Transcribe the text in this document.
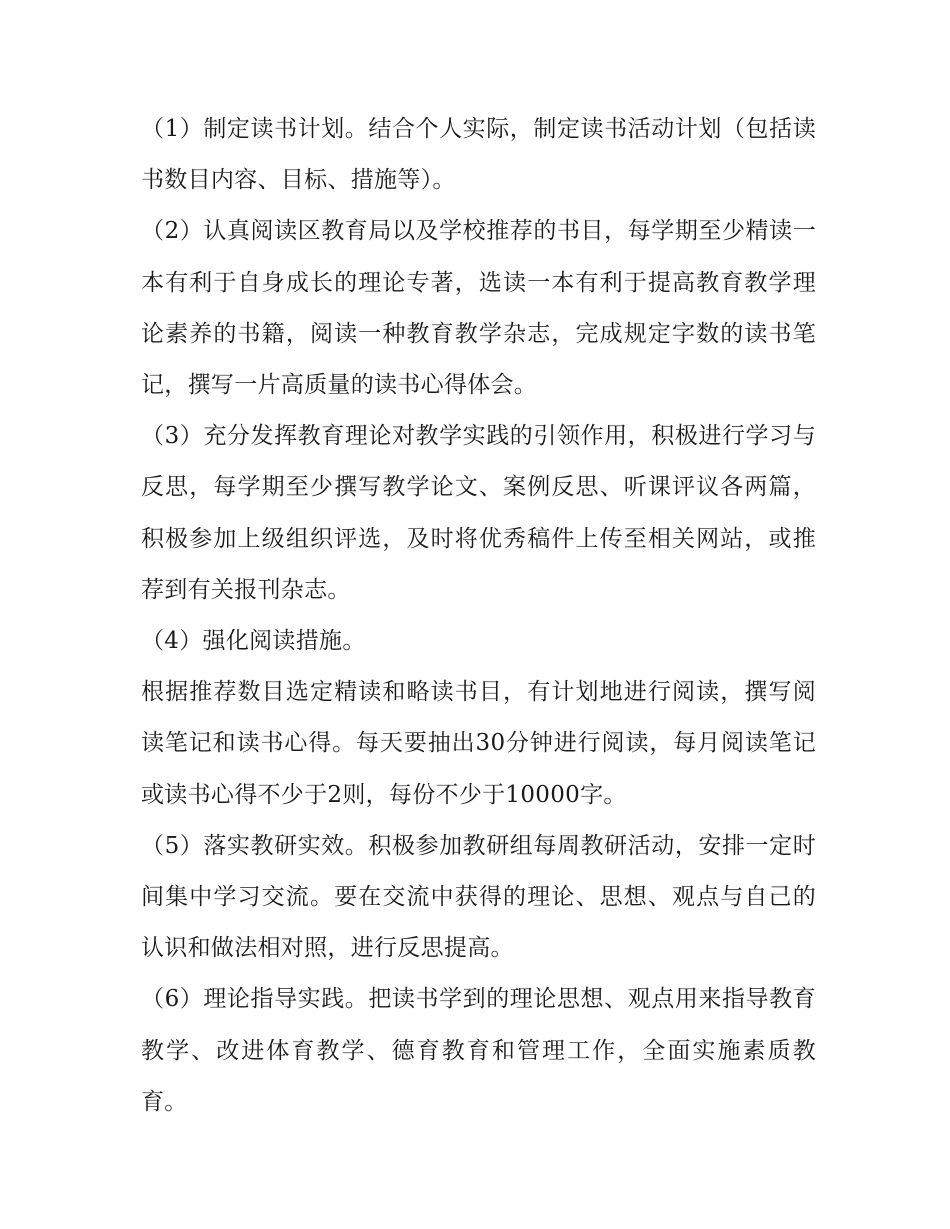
（1）制定读书计划。结合个人实际，制定读书活动计划（包括读书数目内容、目标、措施等）。

（2）认真阅读区教育局以及学校推荐的书目，每学期至少精读一本有利于自身成长的理论专著，选读一本有利于提高教育教学理论素养的书籍，阅读一种教育教学杂志，完成规定字数的读书笔记，撰写一片高质量的读书心得体会。

（3）充分发挥教育理论对教学实践的引领作用，积极进行学习与反思，每学期至少撰写教学论文、案例反思、听课评议各两篇，积极参加上级组织评选，及时将优秀稿件上传至相关网站，或推荐到有关报刊杂志。

（4）强化阅读措施。

根据推荐数目选定精读和略读书目，有计划地进行阅读，撰写阅读笔记和读书心得。每天要抽出30分钟进行阅读，每月阅读笔记或读书心得不少于2则，每份不少于10000字。

（5）落实教研实效。积极参加教研组每周教研活动，安排一定时间集中学习交流。要在交流中获得的理论、思想、观点与自己的认识和做法相对照，进行反思提高。

（6）理论指导实践。把读书学到的理论思想、观点用来指导教育教学、改进体育教学、德育教育和管理工作，全面实施素质教育。
